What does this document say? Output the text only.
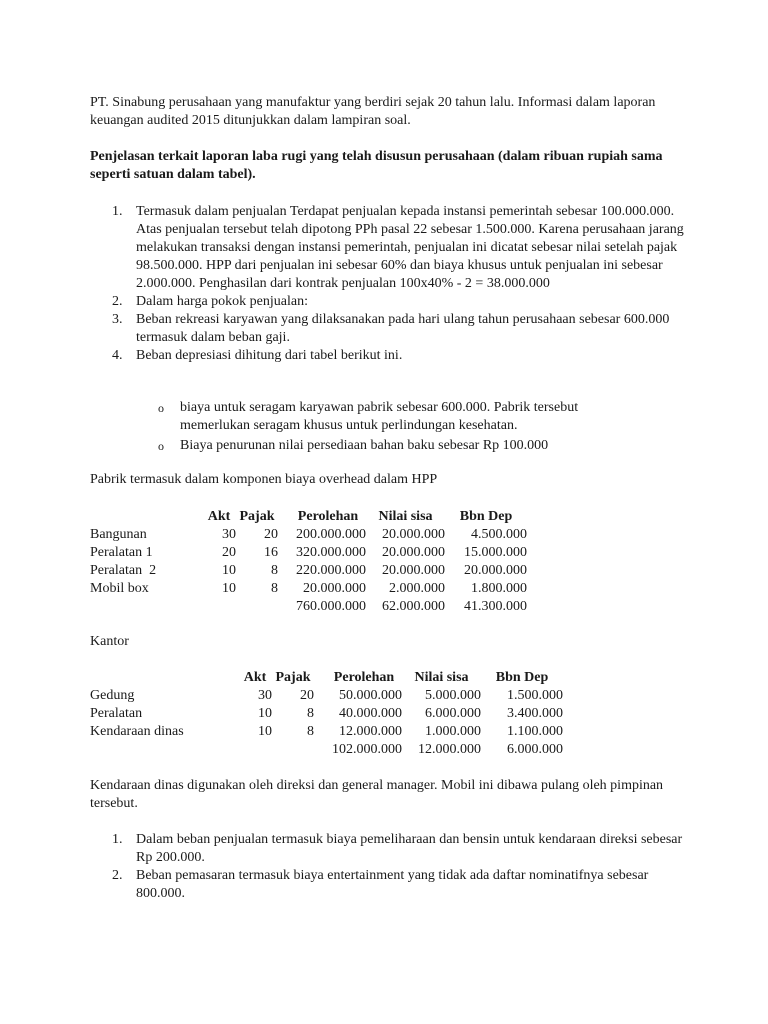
PT. Sinabung perusahaan yang manufaktur yang berdiri sejak 20 tahun lalu. Informasi dalam laporan keuangan audited 2015 ditunjukkan dalam lampiran soal.

Penjelasan terkait laporan laba rugi yang telah disusun perusahaan (dalam ribuan rupiah sama seperti satuan dalam tabel).

1. Termasuk dalam penjualan Terdapat penjualan kepada instansi pemerintah sebesar 100.000.000. Atas penjualan tersebut telah dipotong PPh pasal 22 sebesar 1.500.000. Karena perusahaan jarang melakukan transaksi dengan instansi pemerintah, penjualan ini dicatat sebesar nilai setelah pajak 98.500.000. HPP dari penjualan ini sebesar 60% dan biaya khusus untuk penjualan ini sebesar 2.000.000. Penghasilan dari kontrak penjualan 100x40% - 2 = 38.000.000
2. Dalam harga pokok penjualan:
3. Beban rekreasi karyawan yang dilaksanakan pada hari ulang tahun perusahaan sebesar 600.000 termasuk dalam beban gaji.
4. Beban depresiasi dihitung dari tabel berikut ini.
o biaya untuk seragam karyawan pabrik sebesar 600.000. Pabrik tersebut memerlukan seragam khusus untuk perlindungan kesehatan.
o Biaya penurunan nilai persediaan bahan baku sebesar Rp 100.000

Pabrik termasuk dalam komponen biaya overhead dalam HPP

	Akt	Pajak	Perolehan	Nilai sisa	Bbn Dep
Bangunan	30	20	200.000.000	20.000.000	4.500.000
Peralatan 1	20	16	320.000.000	20.000.000	15.000.000
Peralatan  2	10	8	220.000.000	20.000.000	20.000.000
Mobil box	10	8	20.000.000	2.000.000	1.800.000
			760.000.000	62.000.000	41.300.000

Kantor

	Akt	Pajak	Perolehan	Nilai sisa	Bbn Dep
Gedung	30	20	50.000.000	5.000.000	1.500.000
Peralatan	10	8	40.000.000	6.000.000	3.400.000
Kendaraan dinas	10	8	12.000.000	1.000.000	1.100.000
			102.000.000	12.000.000	6.000.000

Kendaraan dinas digunakan oleh direksi dan general manager. Mobil ini dibawa pulang oleh pimpinan tersebut.

1. Dalam beban penjualan termasuk biaya pemeliharaan dan bensin untuk kendaraan direksi sebesar Rp 200.000.
2. Beban pemasaran termasuk biaya entertainment yang tidak ada daftar nominatifnya sebesar 800.000.
